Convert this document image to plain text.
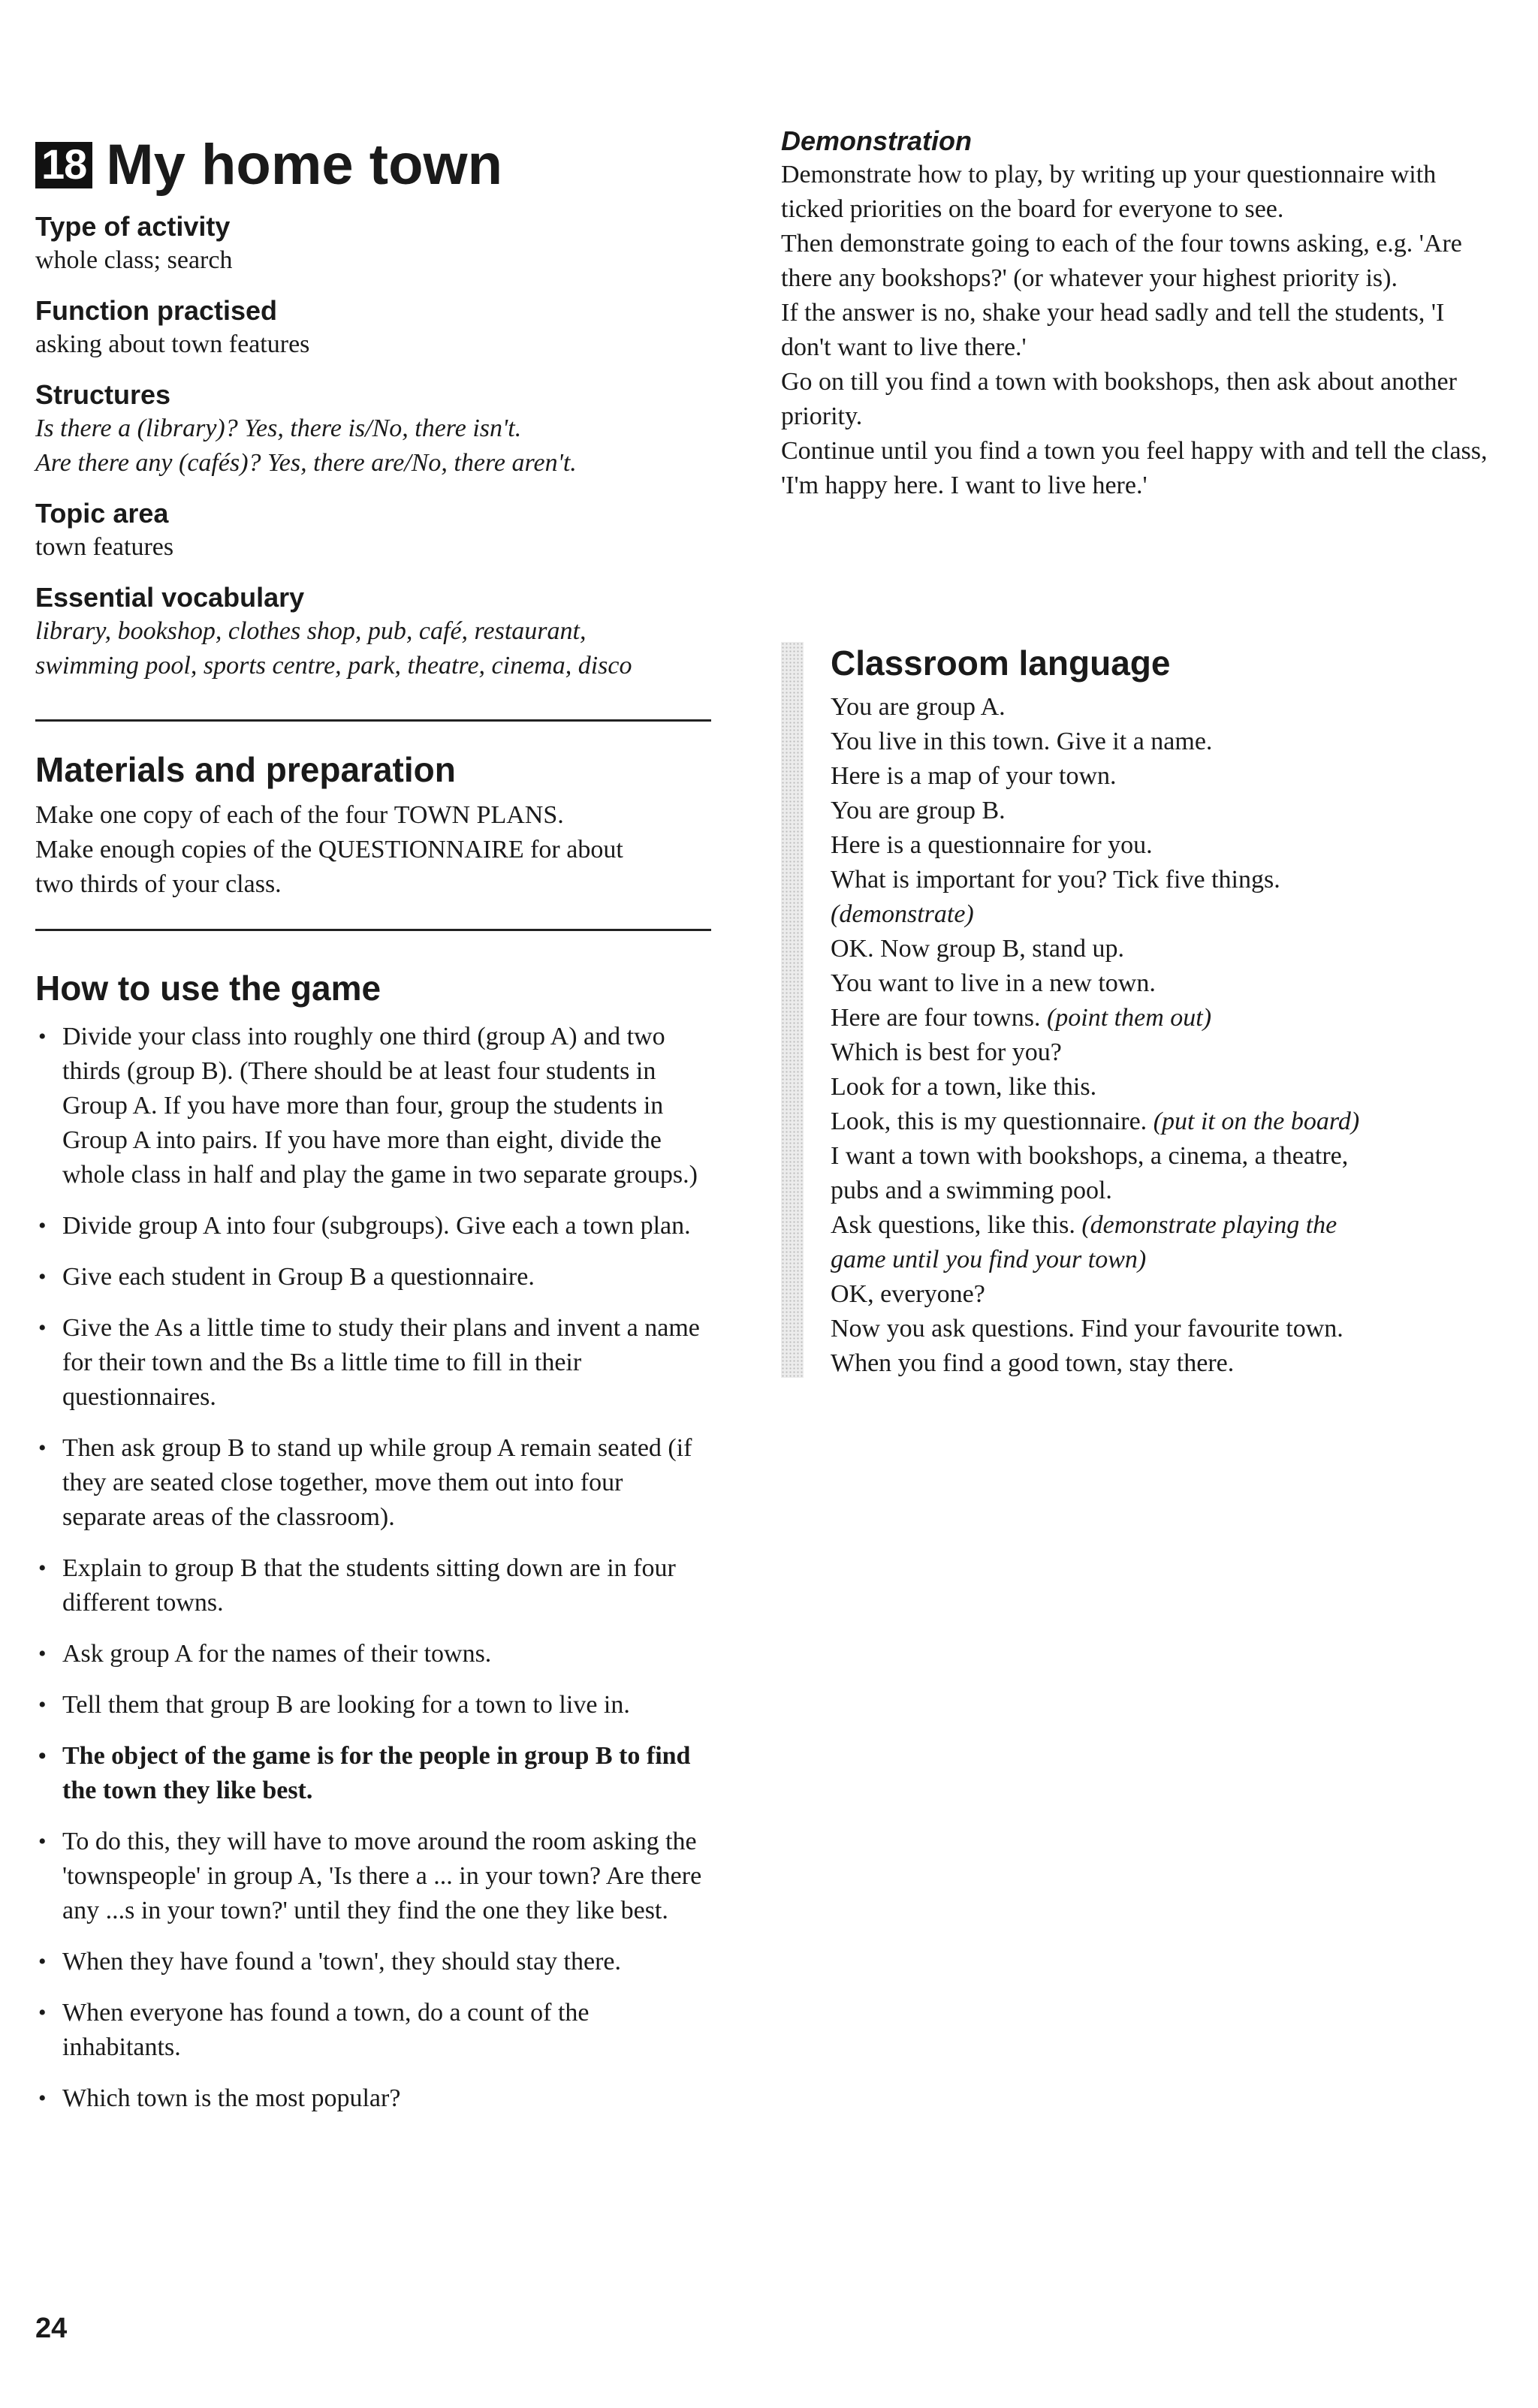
18 My home town

Type of activity

whole class; search

Function practised

asking about town features

Structures

Is there a (library)? Yes, there is/No, there isn't.
Are there any (cafés)? Yes, there are/No, there aren't.

Topic area

town features

Essential vocabulary

library, bookshop, clothes shop, pub, café, restaurant,
swimming pool, sports centre, park, theatre, cinema, disco
Materials and preparation
Make one copy of each of the four TOWN PLANS.
Make enough copies of the QUESTIONNAIRE for about
two thirds of your class.
How to use the game
• Divide your class into roughly one third (group A) and two thirds (group B). (There should be at least four students in Group A. If you have more than four, group the students in Group A into pairs. If you have more than eight, divide the whole class in half and play the game in two separate groups.)
• Divide group A into four (subgroups). Give each a town plan.
• Give each student in Group B a questionnaire.
• Give the As a little time to study their plans and invent a name for their town and the Bs a little time to fill in their questionnaires.
• Then ask group B to stand up while group A remain seated (if they are seated close together, move them out into four separate areas of the classroom).
• Explain to group B that the students sitting down are in four different towns.
• Ask group A for the names of their towns.
• Tell them that group B are looking for a town to live in.
• The object of the game is for the people in group B to find the town they like best.
• To do this, they will have to move around the room asking the 'townspeople' in group A, 'Is there a ... in your town? Are there any ...s in your town?' until they find the one they like best.
• When they have found a 'town', they should stay there.
• When everyone has found a town, do a count of the inhabitants.
• Which town is the most popular?
24

Demonstration

Demonstrate how to play, by writing up your questionnaire with ticked priorities on the board for everyone to see.

Then demonstrate going to each of the four towns asking, e.g. 'Are there any bookshops?' (or whatever your highest priority is).

If the answer is no, shake your head sadly and tell the students, 'I don't want to live there.'

Go on till you find a town with bookshops, then ask about another priority.

Continue until you find a town you feel happy with and tell the class, 'I'm happy here. I want to live here.'

Classroom language

You are group A.

You live in this town. Give it a name.

Here is a map of your town.

You are group B.

Here is a questionnaire for you.

What is important for you? Tick five things.

(demonstrate)

OK. Now group B, stand up.

You want to live in a new town.

Here are four towns. (point them out)

Which is best for you?

Look for a town, like this.

Look, this is my questionnaire. (put it on the board)

I want a town with bookshops, a cinema, a theatre,

pubs and a swimming pool.

Ask questions, like this. (demonstrate playing the

game until you find your town)

OK, everyone?

Now you ask questions. Find your favourite town.

When you find a good town, stay there.
